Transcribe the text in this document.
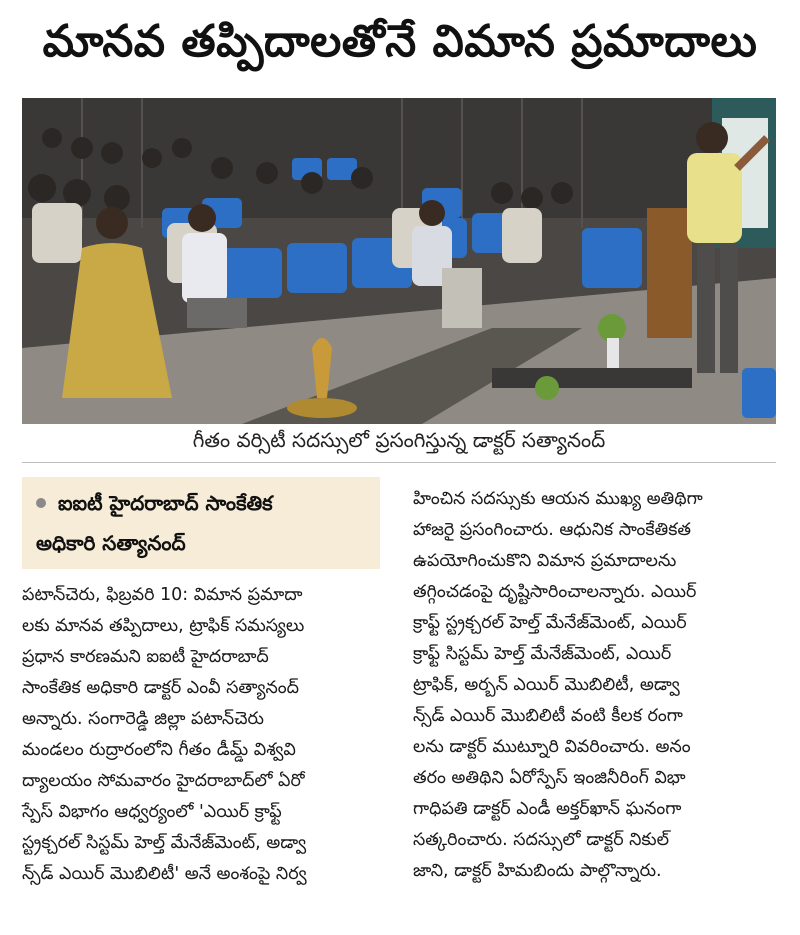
మానవ తప్పిదాలతోనే విమాన ప్రమాదాలు
గీతం వర్సిటీ సదస్సులో ప్రసంగిస్తున్న డాక్టర్ సత్యానంద్
ఐఐటీ హైదరాబాద్ సాంకేతిక
అధికారి సత్యానంద్
పటాన్‌చెరు, ఫిబ్రవరి 10: విమాన ప్రమాదా
లకు మానవ తప్పిదాలు, ట్రాఫిక్ సమస్యలు
ప్రధాన కారణమని ఐఐటీ హైదరాబాద్
సాంకేతిక అధికారి డాక్టర్ ఎంవీ సత్యానంద్
అన్నారు. సంగారెడ్డి జిల్లా పటాన్‌చెరు
మండలం రుద్రారంలోని గీతం డీమ్డ్ విశ్వవి
ద్యాలయం సోమవారం హైదరాబాద్‌లో ఏరో
స్పేస్ విభాగం ఆధ్వర్యంలో 'ఎయిర్ క్రాఫ్ట్
స్ట్రక్చరల్ సిస్టమ్ హెల్త్ మేనేజ్‌మెంట్, అడ్వా
న్స్‌డ్ ఎయిర్ మొబిలిటీ' అనే అంశంపై నిర్వ
హించిన సదస్సుకు ఆయన ముఖ్య అతిథిగా
హాజరై ప్రసంగించారు. ఆధునిక సాంకేతికత
ఉపయోగించుకొని విమాన ప్రమాదాలను
తగ్గించడంపై దృష్టిసారించాలన్నారు. ఎయిర్
క్రాఫ్ట్ స్ట్రక్చరల్ హెల్త్ మేనేజ్‌మెంట్, ఎయిర్
క్రాఫ్ట్ సిస్టమ్ హెల్త్ మేనేజ్‌మెంట్, ఎయిర్
ట్రాఫిక్, అర్బన్ ఎయిర్ మొబిలిటీ, అడ్వా
న్స్‌డ్ ఎయిర్ మొబిలిటీ వంటి కీలక రంగా
లను డాక్టర్ ముట్నూరి వివరించారు. అనం
తరం అతిథిని ఏరోస్పేస్ ఇంజినీరింగ్ విభా
గాధిపతి డాక్టర్ ఎండీ అక్తర్‌ఖాన్ ఘనంగా
సత్కరించారు. సదస్సులో డాక్టర్ నికుల్
జాని, డాక్టర్ హిమబిందు పాల్గొన్నారు.
